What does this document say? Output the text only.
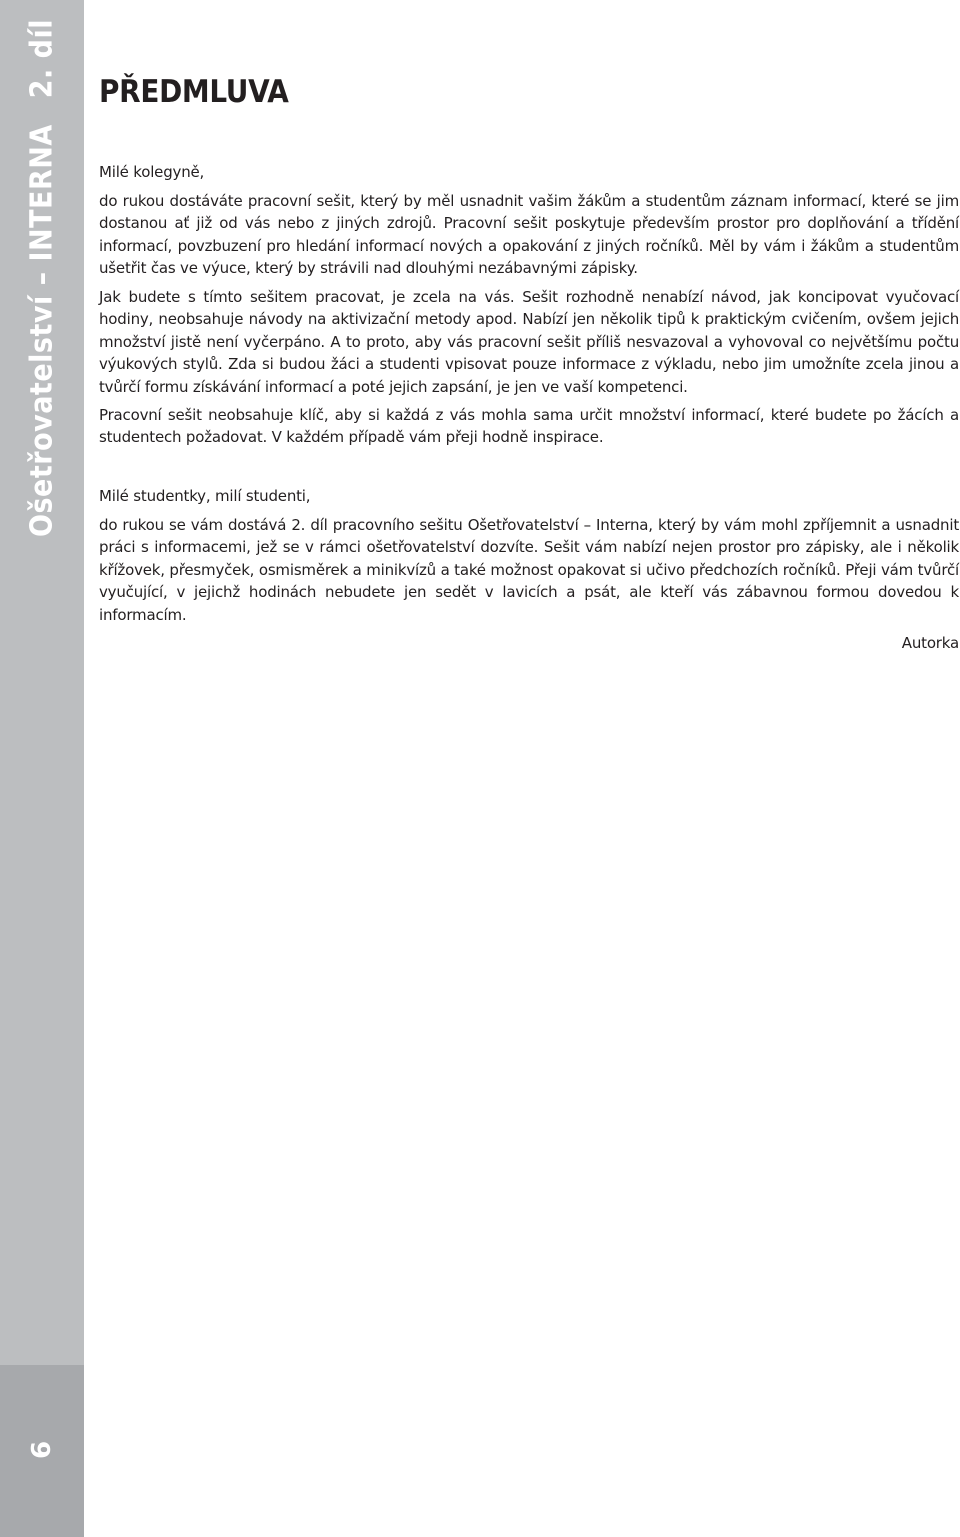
Ošetřovatelství – INTERNA2. díl
6
PŘEDMLUVA

Milé kolegyně,

do rukou dostáváte pracovní sešit, který by měl usnadnit vašim žákům a studentům záznam informací, které se jim dostanou ať již od vás nebo z jiných zdrojů. Pracovní sešit poskytuje především prostor pro doplňování a třídění informací, povzbuzení pro hledání informací nových a opakování z jiných ročníků. Měl by vám i žákům a studentům ušetřit čas ve výuce, který by strávili nad dlouhými nezábavnými zápisky.

Jak budete s tímto sešitem pracovat, je zcela na vás. Sešit rozhodně nenabízí návod, jak koncipovat vyučovací hodiny, neobsahuje návody na aktivizační metody apod. Nabízí jen několik tipů k praktickým cvičením, ovšem jejich množství jistě není vyčerpáno. A to proto, aby vás pracovní sešit příliš nesvazoval a vyhovoval co největšímu počtu výukových stylů. Zda si budou žáci a studenti vpisovat pouze informace z výkladu, nebo jim umožníte zcela jinou a tvůrčí formu získávání informací a poté jejich zapsání, je jen ve vaší kompetenci.

Pracovní sešit neobsahuje klíč, aby si každá z vás mohla sama určit množství informací, které budete po žácích a studentech požadovat. V každém případě vám přeji hodně inspirace.

Milé studentky, milí studenti,

do rukou se vám dostává 2. díl pracovního sešitu Ošetřovatelství – Interna, který by vám mohl zpříjemnit a usnadnit práci s informacemi, jež se v rámci ošetřovatelství dozvíte. Sešit vám nabízí nejen prostor pro zápisky, ale i několik křížovek, přesmyček, osmisměrek a minikvízů a také možnost opakovat si učivo předchozích ročníků. Přeji vám tvůrčí vyučující, v jejichž hodinách nebudete jen sedět v lavicích a psát, ale kteří vás zábavnou formou dovedou k informacím.

Autorka
